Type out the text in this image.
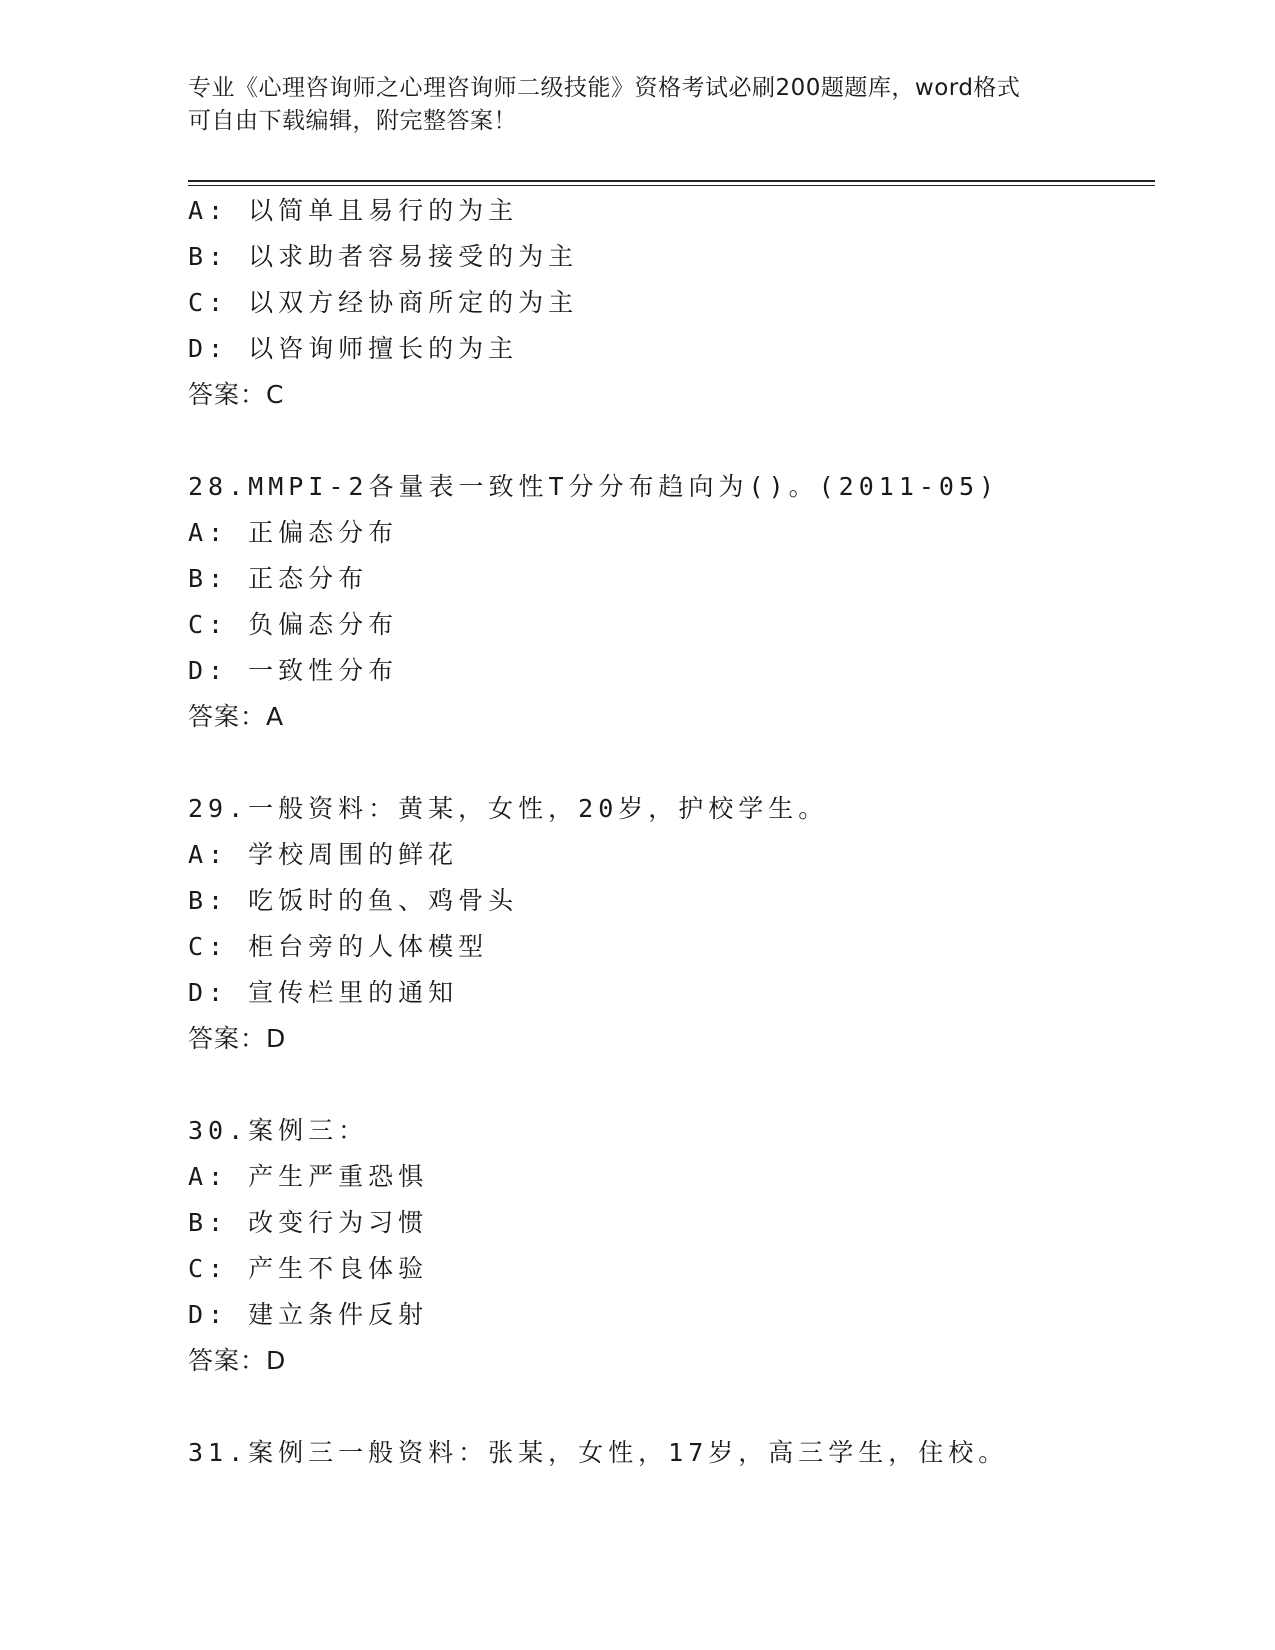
专业《心理咨询师之心理咨询师二级技能》资格考试必刷200题题库，word格式
可自由下载编辑，附完整答案！
A: 以简单且易行的为主
B: 以求助者容易接受的为主
C: 以双方经协商所定的为主
D: 以咨询师擅长的为主
答案：C
28.MMPI-2各量表一致性T分分布趋向为()。(2011-05)
A: 正偏态分布
B: 正态分布
C: 负偏态分布
D: 一致性分布
答案：A
29.一般资料：黄某，女性，20岁，护校学生。
A: 学校周围的鲜花
B: 吃饭时的鱼、鸡骨头
C: 柜台旁的人体模型
D: 宣传栏里的通知
答案：D
30.案例三：
A: 产生严重恐惧
B: 改变行为习惯
C: 产生不良体验
D: 建立条件反射
答案：D
31.案例三一般资料：张某，女性，17岁，高三学生，住校。
